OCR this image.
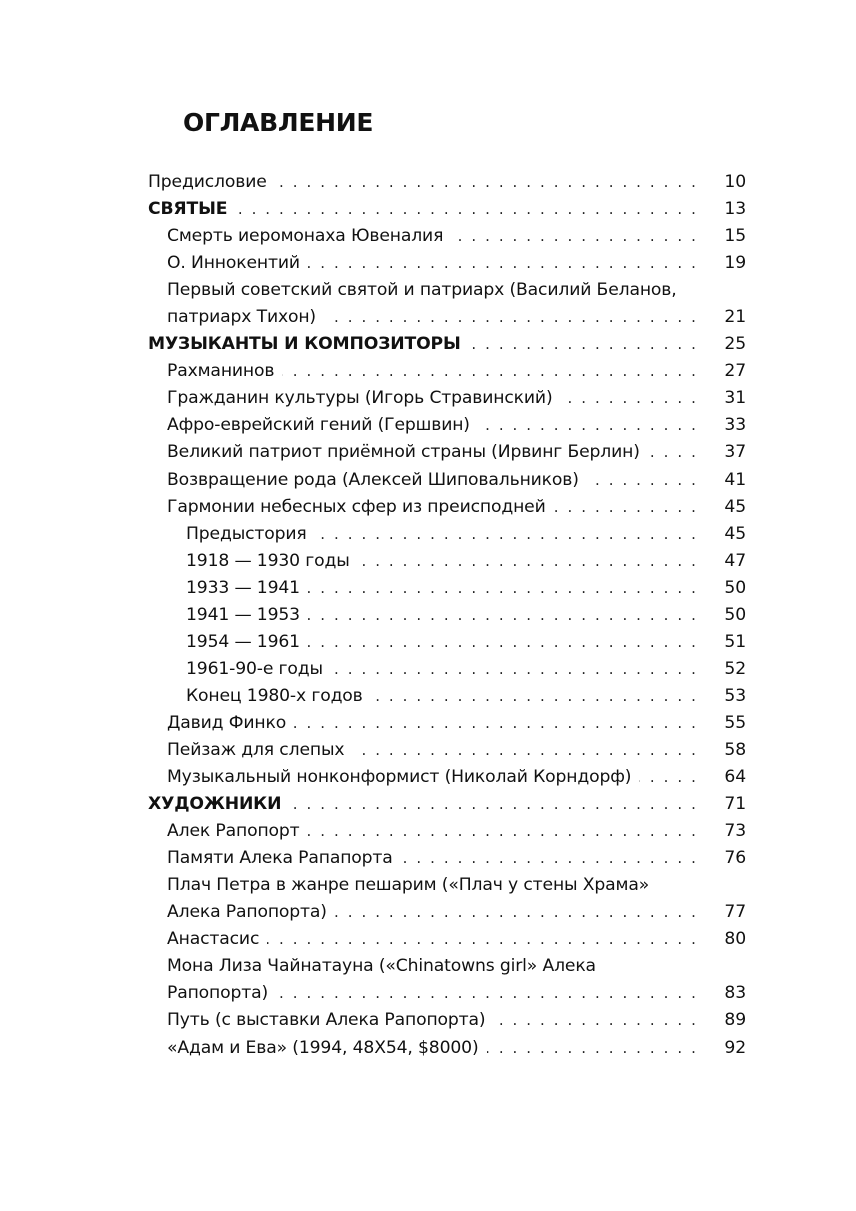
ОГЛАВЛЕНИЕ
Предисловие . . .	10
СВЯТЫЕ . . .	13
Смерть иеромонаха Ювеналия . . .	15
О. Иннокентий . . .	19
Первый советский святой и патриарх (Василий Беланов,
патриарх Тихон) . . .	21
МУЗЫКАНТЫ И КОМПОЗИТОРЫ . . .	25
Рахманинов . . .	27
Гражданин культуры (Игорь Стравинский) . . .	31
Афро-еврейский гений (Гершвин) . . .	33
Великий патриот приёмной страны (Ирвинг Берлин) . . .	37
Возвращение рода (Алексей Шиповальников) . . .	41
Гармонии небесных сфер из преисподней . . .	45
Предыстория . . .	45
1918 — 1930 годы . . .	47
1933 — 1941 . . .	50
1941 — 1953 . . .	50
1954 — 1961 . . .	51
1961-90-е годы . . .	52
Конец 1980-х годов . . .	53
Давид Финко . . .	55
Пейзаж для слепых . . .	58
Музыкальный нонконформист (Николай Корндорф) . . .	64
ХУДОЖНИКИ . . .	71
Алек Рапопорт . . .	73
Памяти Алека Рапапорта . . .	76
Плач Петра в жанре пешарим («Плач у стены Храма»
Алека Рапопорта) . . .	77
Анастасис . . .	80
Мона Лиза Чайнатауна («Chinatowns girl» Алека
Рапопорта) . . .	83
Путь (с выставки Алека Рапопорта) . . .	89
«Адам и Ева» (1994, 48X54, $8000) . . .	92
